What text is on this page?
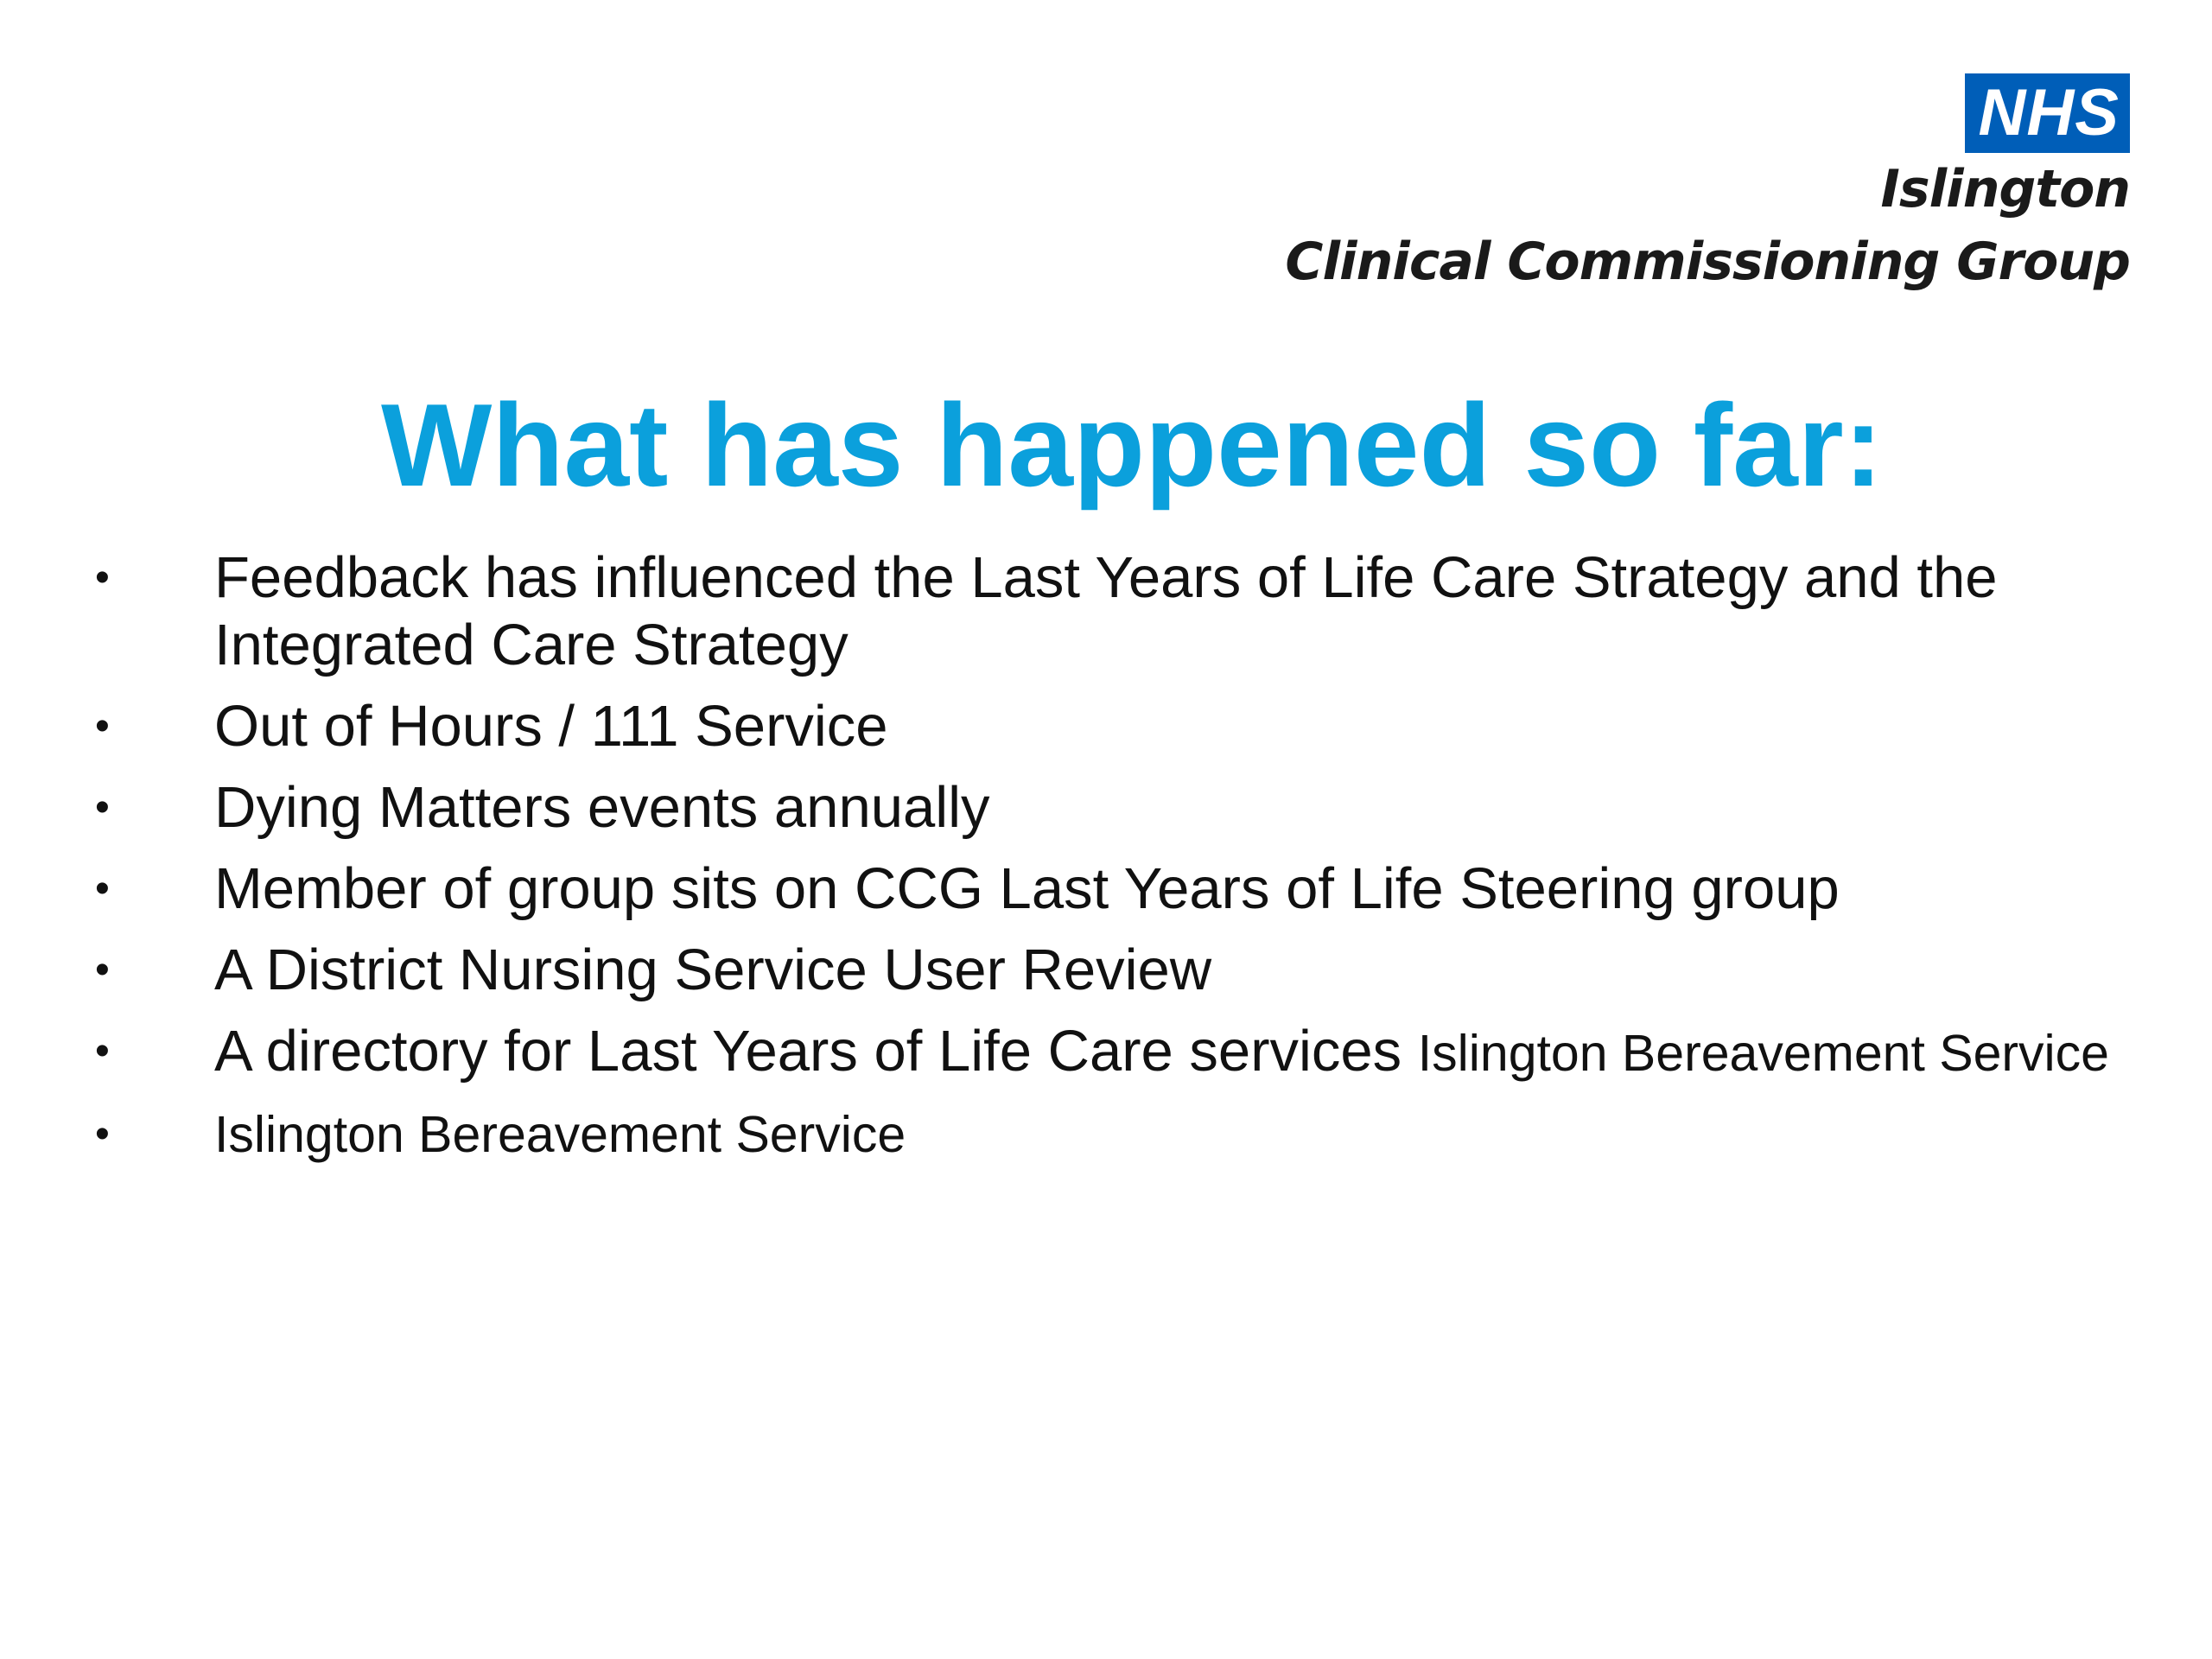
NHS
Islington
Clinical Commissioning Group
What has happened so far:
• Feedback has influenced the Last Years of Life Care Strategy and the Integrated Care Strategy
• Out of Hours / 111 Service
• Dying Matters events annually
• Member of group sits on CCG Last Years of Life Steering group
• A District Nursing Service User Review
• A directory for Last Years of Life Care services Islington Bereavement Service
• Islington Bereavement Service
